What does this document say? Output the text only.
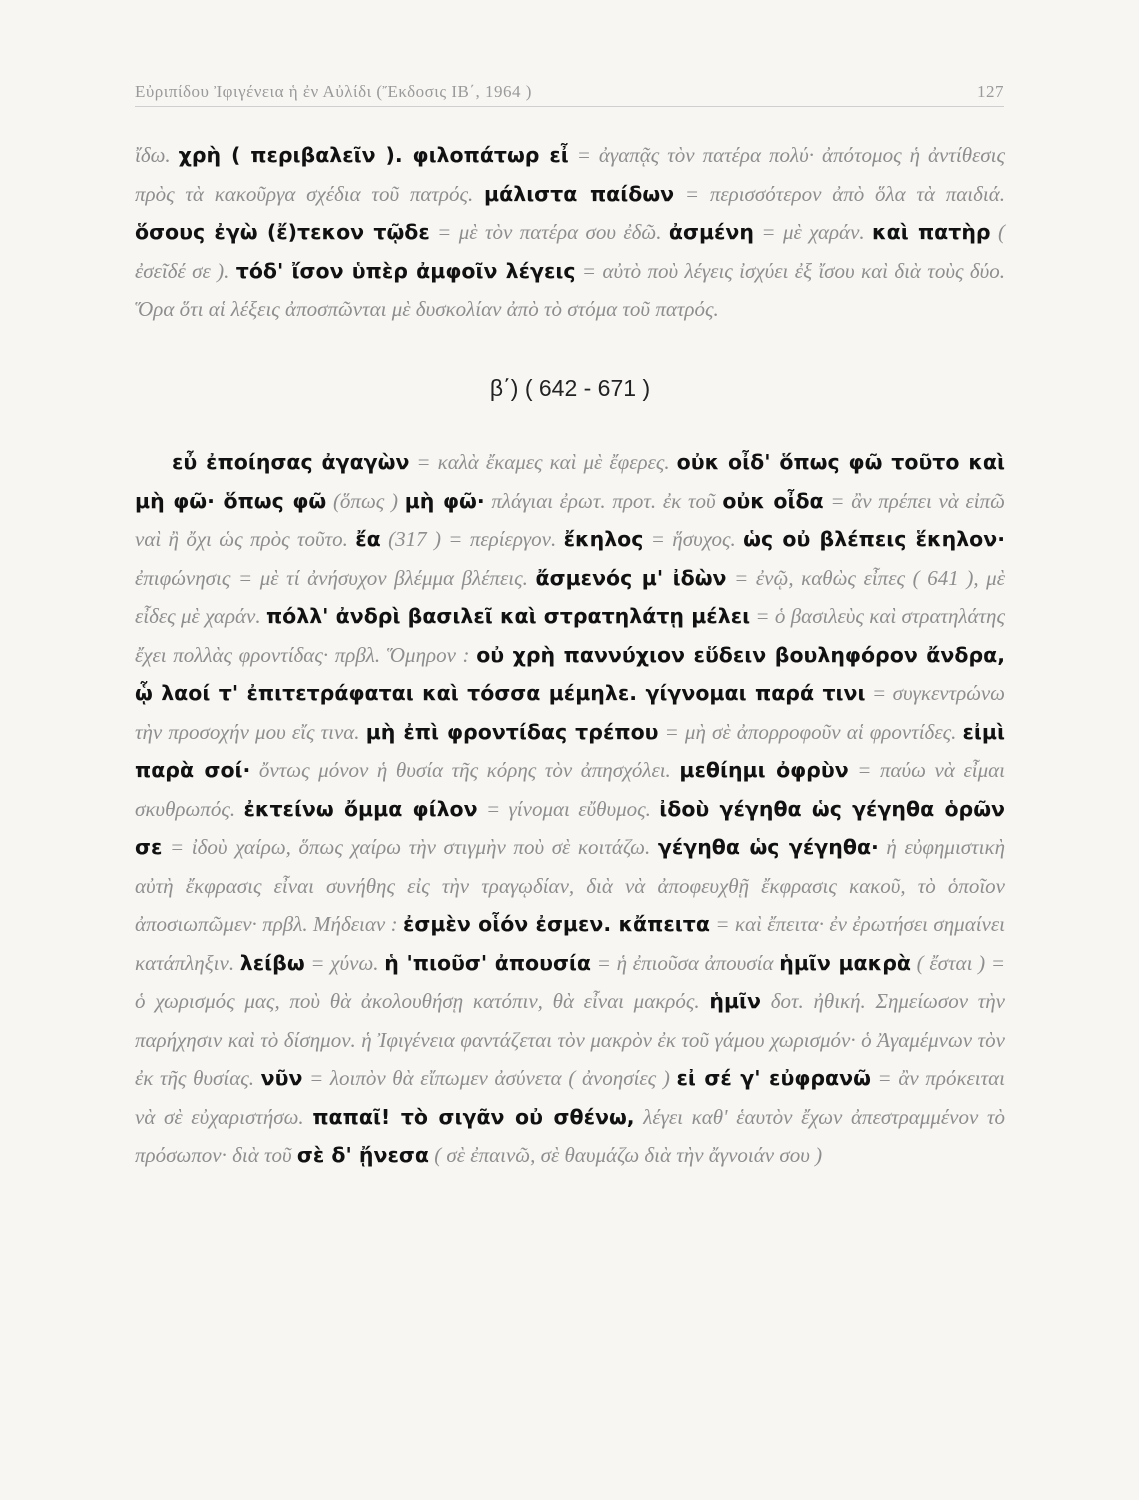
Εὐριπίδου Ἰφιγένεια ἡ ἐν Αὐλίδι (Ἔκδοσις ΙΒ΄, 1964 )	127

ἴδω. χρὴ ( περιβαλεῖν ). φιλοπάτωρ εἶ = ἀγαπᾷς τὸν πατέρα πολύ· ἀπότομος ἡ ἀντίθεσις πρὸς τὰ κακοῦργα σχέδια τοῦ πατρός. μάλιστα παίδων = περισσότερον ἀπὸ ὅλα τὰ παιδιά. ὅσους ἐγὼ (ἔ)τεκον τῷδε = μὲ τὸν πατέρα σου ἐδῶ. ἀσμένη = μὲ χαράν. καὶ πατὴρ ( ἐσεῖδέ σε ). τόδ' ἴσον ὑπὲρ ἀμφοῖν λέγεις = αὐτὸ ποὺ λέγεις ἰσχύει ἐξ ἴσου καὶ διὰ τοὺς δύο. Ὅρα ὅτι αἱ λέξεις ἀποσπῶνται μὲ δυσκολίαν ἀπὸ τὸ στόμα τοῦ πατρός.

β΄) ( 642 - 671 )

εὖ ἐποίησας ἀγαγὼν = καλὰ ἔκαμες καὶ μὲ ἔφερες. οὐκ οἶδ' ὅπως φῶ τοῦτο καὶ μὴ φῶ· ὅπως φῶ (ὅπως ) μὴ φῶ· πλάγιαι ἐρωτ. προτ. ἐκ τοῦ οὐκ οἶδα = ἂν πρέπει νὰ εἰπῶ ναὶ ἢ ὄχι ὡς πρὸς τοῦτο. ἔα (317 ) = περίεργον. ἔκηλος = ἥσυχος. ὡς οὐ βλέπεις ἕκηλον· ἐπιφώνησις = μὲ τί ἀνήσυχον βλέμμα βλέπεις. ἄσμενός μ' ἰδὼν = ἐνῷ, καθὼς εἶπες ( 641 ), μὲ εἶδες μὲ χαράν. πόλλ' ἀνδρὶ βασιλεῖ καὶ στρατηλάτῃ μέλει = ὁ βασιλεὺς καὶ στρατηλάτης ἔχει πολλὰς φροντίδας· πρβλ. Ὅμηρον : οὐ χρὴ παννύχιον εὕδειν βουληφόρον ἄνδρα, ᾧ λαοί τ' ἐπιτετράφαται καὶ τόσσα μέμηλε. γίγνομαι παρά τινι = συγκεντρώνω τὴν προσοχήν μου εἴς τινα. μὴ ἐπὶ φροντίδας τρέπου = μὴ σὲ ἀπορροφοῦν αἱ φροντίδες. εἰμὶ παρὰ σοί· ὄντως μόνον ἡ θυσία τῆς κόρης τὸν ἀπησχόλει. μεθίημι ὀφρὺν = παύω νὰ εἶμαι σκυθρωπός. ἐκτείνω ὄμμα φίλον = γίνομαι εὔθυμος. ἰδοὺ γέγηθα ὡς γέγηθα ὁρῶν σε = ἰδοὺ χαίρω, ὅπως χαίρω τὴν στιγμὴν ποὺ σὲ κοιτάζω. γέγηθα ὡς γέγηθα· ἡ εὐφημιστικὴ αὐτὴ ἔκφρασις εἶναι συνήθης εἰς τὴν τραγῳδίαν, διὰ νὰ ἀποφευχθῇ ἔκφρασις κακοῦ, τὸ ὁποῖον ἀποσιωπῶμεν· πρβλ. Μήδειαν : ἐσμὲν οἷόν ἐσμεν. κἄπειτα = καὶ ἔπειτα· ἐν ἐρωτήσει σημαίνει κατάπληξιν. λείβω = χύνω. ἡ 'πιοῦσ' ἀπουσία = ἡ ἐπιοῦσα ἀπουσία ἡμῖν μακρὰ ( ἔσται ) = ὁ χωρισμός μας, ποὺ θὰ ἀκολουθήσῃ κατόπιν, θὰ εἶναι μακρός. ἡμῖν δοτ. ἠθική. Σημείωσον τὴν παρήχησιν καὶ τὸ δίσημον. ἡ Ἰφιγένεια φαντάζεται τὸν μακρὸν ἐκ τοῦ γάμου χωρισμόν· ὁ Ἀγαμέμνων τὸν ἐκ τῆς θυσίας. νῦν = λοιπὸν θὰ εἴπωμεν ἀσύνετα ( ἀνοησίες ) εἰ σέ γ' εὐφρανῶ = ἂν πρόκειται νὰ σὲ εὐχαριστήσω. παπαῖ! τὸ σιγᾶν οὐ σθένω, λέγει καθ' ἑαυτὸν ἔχων ἀπεστραμμένον τὸ πρόσωπον· διὰ τοῦ σὲ δ' ᾔνεσα ( σὲ ἐπαινῶ, σὲ θαυμάζω διὰ τὴν ἄγνοιάν σου )
